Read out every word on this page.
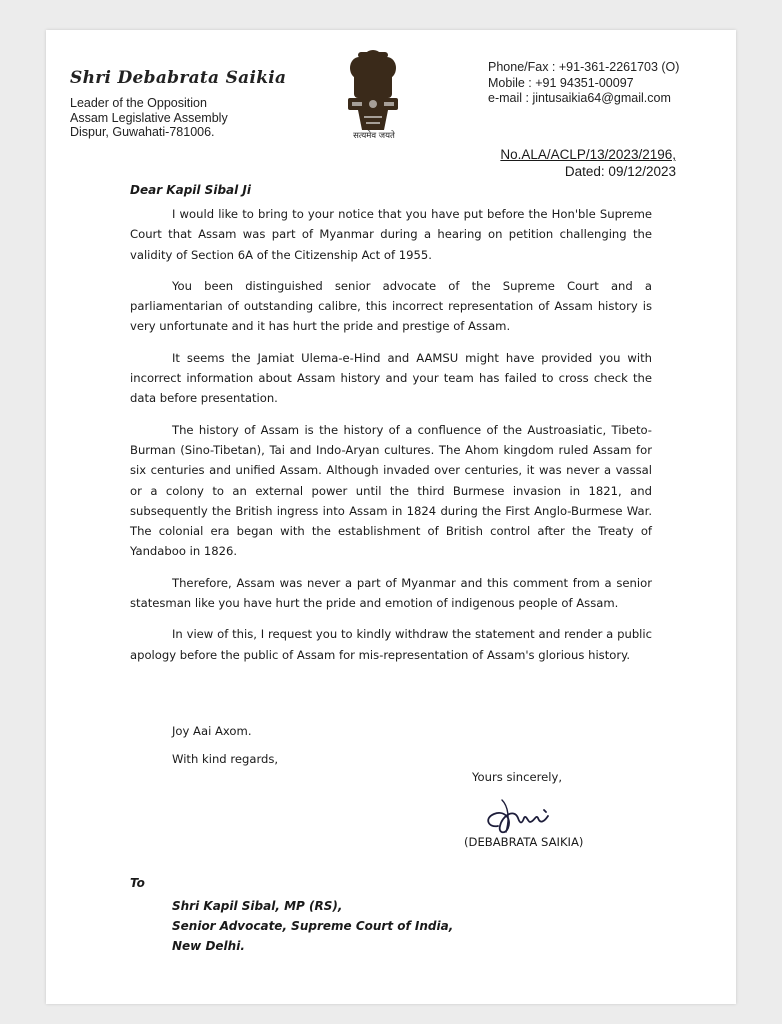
Shri Debabrata Saikia
Leader of the Opposition
Assam Legislative Assembly
Dispur, Guwahati-781006.	सत्यमेव जयते
Phone/Fax : +91-361-2261703 (O)
Mobile : +91 94351-00097
e-mail : jintusaikia64@gmail.com
No.ALA/ACLP/13/2023/2196,
Dated: 09/12/2023
Dear Kapil Sibal Ji

I would like to bring to your notice that you have put before the Hon'ble Supreme Court that Assam was part of Myanmar during a hearing on petition challenging the validity of Section 6A of the Citizenship Act of 1955.

You been distinguished senior advocate of the Supreme Court and a parliamentarian of outstanding calibre, this incorrect representation of Assam history is very unfortunate and it has hurt the pride and prestige of Assam.

It seems the Jamiat Ulema-e-Hind and AAMSU might have provided you with incorrect information about Assam history and your team has failed to cross check the data before presentation.

The history of Assam is the history of a confluence of the Austroasiatic, Tibeto-Burman (Sino-Tibetan), Tai and Indo-Aryan cultures. The Ahom kingdom ruled Assam for six centuries and unified Assam. Although invaded over centuries, it was never a vassal or a colony to an external power until the third Burmese invasion in 1821, and subsequently the British ingress into Assam in 1824 during the First Anglo-Burmese War. The colonial era began with the establishment of British control after the Treaty of Yandaboo in 1826.

Therefore, Assam was never a part of Myanmar and this comment from a senior statesman like you have hurt the pride and emotion of indigenous people of Assam.

In view of this, I request you to kindly withdraw the statement and render a public apology before the public of Assam for mis-representation of Assam's glorious history.

Joy Aai Axom.
With kind regards,
Yours sincerely,
(DEBABRATA SAIKIA)
To
Shri Kapil Sibal, MP (RS),
Senior Advocate, Supreme Court of India,
New Delhi.
